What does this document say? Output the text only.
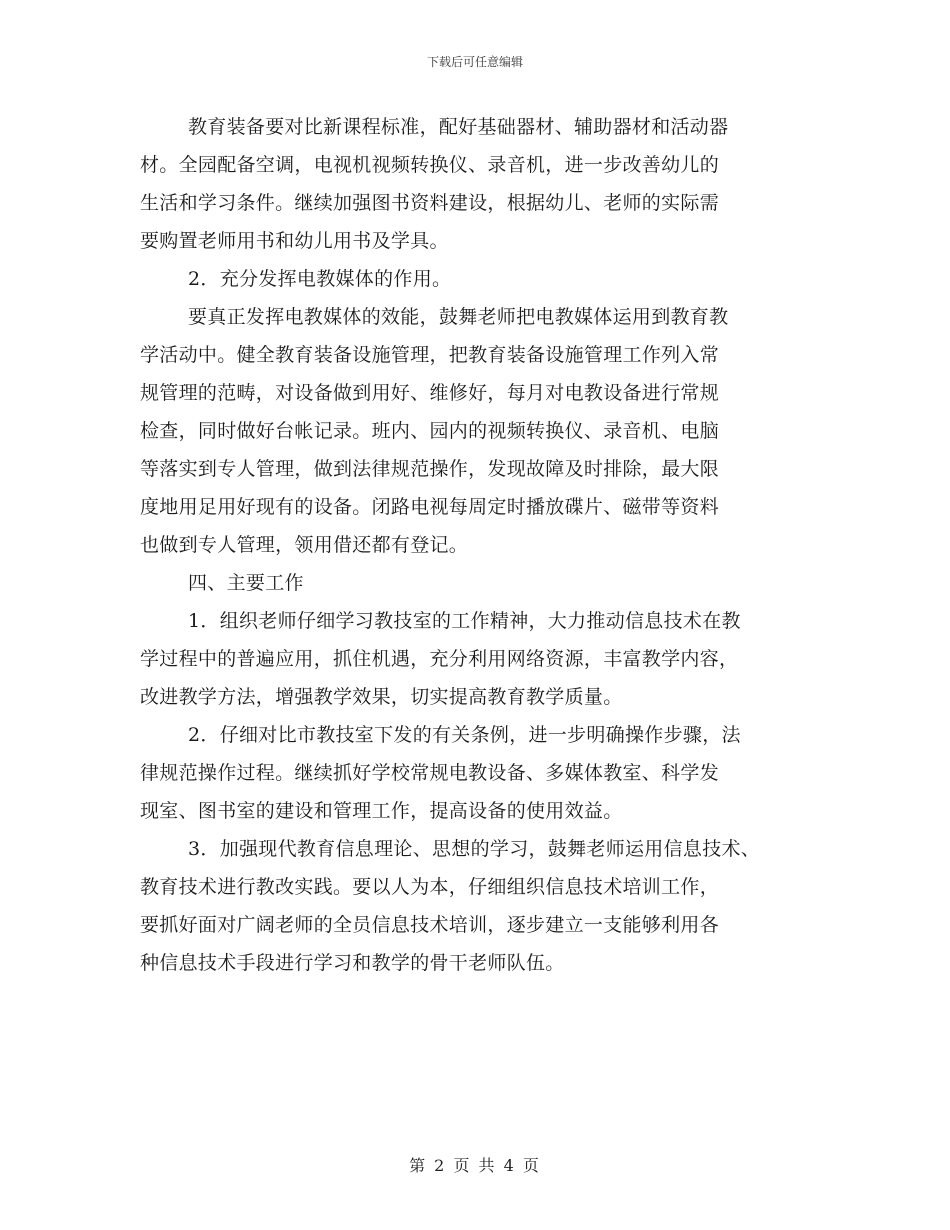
下载后可任意编辑
教育装备要对比新课程标准，配好基础器材、辅助器材和活动器
材。全园配备空调，电视机视频转换仪、录音机，进一步改善幼儿的
生活和学习条件。继续加强图书资料建设，根据幼儿、老师的实际需
要购置老师用书和幼儿用书及学具。
2．充分发挥电教媒体的作用。
要真正发挥电教媒体的效能，鼓舞老师把电教媒体运用到教育教
学活动中。健全教育装备设施管理，把教育装备设施管理工作列入常
规管理的范畴，对设备做到用好、维修好，每月对电教设备进行常规
检查，同时做好台帐记录。班内、园内的视频转换仪、录音机、电脑
等落实到专人管理，做到法律规范操作，发现故障及时排除，最大限
度地用足用好现有的设备。闭路电视每周定时播放碟片、磁带等资料
也做到专人管理，领用借还都有登记。
四、主要工作
1．组织老师仔细学习教技室的工作精神，大力推动信息技术在教
学过程中的普遍应用，抓住机遇，充分利用网络资源，丰富教学内容，
改进教学方法，增强教学效果，切实提高教育教学质量。
2．仔细对比市教技室下发的有关条例，进一步明确操作步骤，法
律规范操作过程。继续抓好学校常规电教设备、多媒体教室、科学发
现室、图书室的建设和管理工作，提高设备的使用效益。
3．加强现代教育信息理论、思想的学习，鼓舞老师运用信息技术、
教育技术进行教改实践。要以人为本，仔细组织信息技术培训工作，
要抓好面对广阔老师的全员信息技术培训，逐步建立一支能够利用各
种信息技术手段进行学习和教学的骨干老师队伍。
第 2 页 共 4 页
